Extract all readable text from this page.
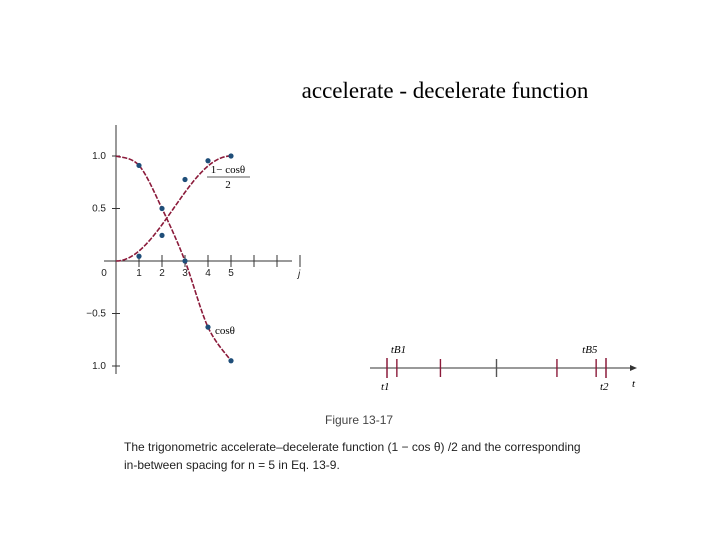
accelerate - decelerate function
1.0
0.5
−0.5
1.0
0	1 2 3 4 5	j
1− cosθ
2
cosθ
tB1	tB5
t1	t2 t
Figure 13-17
The trigonometric accelerate–decelerate function (1 − cos θ) /2 and the corresponding
in-between spacing for n = 5 in Eq. 13-9.
